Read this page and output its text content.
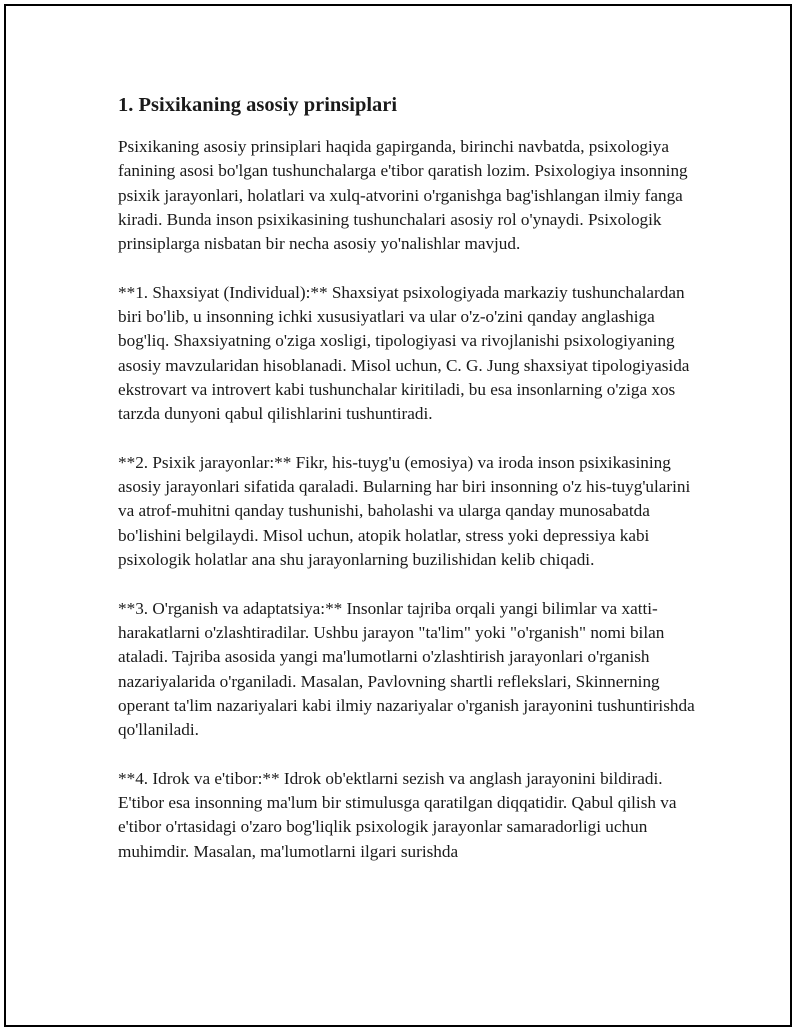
1. Psixikaning asosiy prinsiplari

Psixikaning asosiy prinsiplari haqida gapirganda, birinchi navbatda, psixologiya fanining asosi bo'lgan tushunchalarga e'tibor qaratish lozim. Psixologiya insonning psixik jarayonlari, holatlari va xulq-atvorini o'rganishga bag'ishlangan ilmiy fanga kiradi. Bunda inson psixikasining tushunchalari asosiy rol o'ynaydi. Psixologik prinsiplarga nisbatan bir necha asosiy yo'nalishlar mavjud.

**1. Shaxsiyat (Individual):** Shaxsiyat psixologiyada markaziy tushunchalardan biri bo'lib, u insonning ichki xususiyatlari va ular o'z-o'zini qanday anglashiga bog'liq. Shaxsiyatning o'ziga xosligi, tipologiyasi va rivojlanishi psixologiyaning asosiy mavzularidan hisoblanadi. Misol uchun, C. G. Jung shaxsiyat tipologiyasida ekstrovart va introvert kabi tushunchalar kiritiladi, bu esa insonlarning o'ziga xos tarzda dunyoni qabul qilishlarini tushuntiradi.

**2. Psixik jarayonlar:** Fikr, his-tuyg'u (emosiya) va iroda inson psixikasining asosiy jarayonlari sifatida qaraladi. Bularning har biri insonning o'z his-tuyg'ularini va atrof-muhitni qanday tushunishi, baholashi va ularga qanday munosabatda bo'lishini belgilaydi. Misol uchun, atopik holatlar, stress yoki depressiya kabi psixologik holatlar ana shu jarayonlarning buzilishidan kelib chiqadi.

**3. O'rganish va adaptatsiya:** Insonlar tajriba orqali yangi bilimlar va xatti-harakatlarni o'zlashtiradilar. Ushbu jarayon "ta'lim" yoki "o'rganish" nomi bilan ataladi. Tajriba asosida yangi ma'lumotlarni o'zlashtirish jarayonlari o'rganish nazariyalarida o'rganiladi. Masalan, Pavlovning shartli reflekslari, Skinnerning operant ta'lim nazariyalari kabi ilmiy nazariyalar o'rganish jarayonini tushuntirishda qo'llaniladi.

**4. Idrok va e'tibor:** Idrok ob'ektlarni sezish va anglash jarayonini bildiradi. E'tibor esa insonning ma'lum bir stimulusga qaratilgan diqqatidir. Qabul qilish va e'tibor o'rtasidagi o'zaro bog'liqlik psixologik jarayonlar samaradorligi uchun muhimdir. Masalan, ma'lumotlarni ilgari surishda
